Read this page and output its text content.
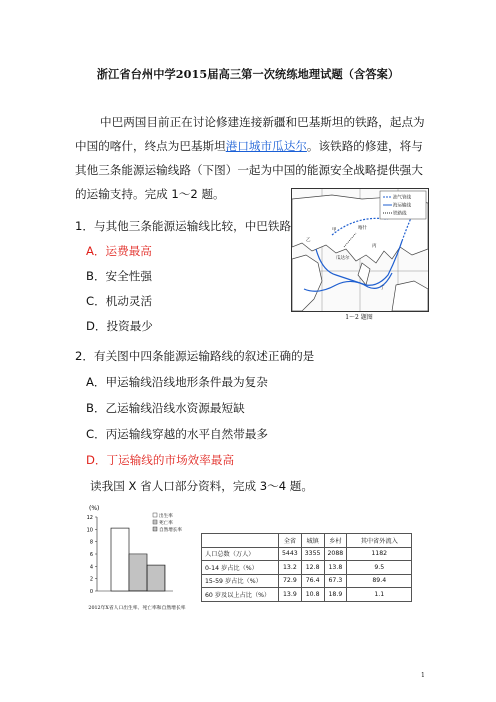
浙江省台州中学2015届高三第一次统练地理试题（含答案）
中巴两国目前正在讨论修建连接新疆和巴基斯坦的铁路，起点为
中国的喀什，终点为巴基斯坦港口城市瓜达尔。该铁路的修建，将与
其他三条能源运输线路（下图）一起为中国的能源安全战略提供强大
的运输支持。完成 1～2 题。
1．与其他三条能源运输线比较，中巴铁路
A．运费最高
B．安全性强
C．机动灵活
D．投资最少
油气管线
海运输线
铁路线
喀什
瓜达尔
甲
乙
丙
丁
1～2 题图
2．有关图中四条能源运输路线的叙述正确的是
A．甲运输线沿线地形条件最为复杂
B．乙运输线沿线水资源最短缺
C．丙运输线穿越的水平自然带最多
D．丁运输线的市场效率最高
读我国 X 省人口部分资料，完成 3～4 题。
(%)
0
2
4
6
8
10
12	出生率
死亡率
自然增长率
2012年X省人口出生率、死亡率和自然增长率
	全省	城镇	乡村	其中省外流入
人口总数（万人）	5443	3355	2088	1182
0-14 岁占比（%）	13.2	12.8	13.8	9.5
15-59 岁占比（%）	72.9	76.4	67.3	89.4
60 岁及以上占比（%）	13.9	10.8	18.9	1.1
1
